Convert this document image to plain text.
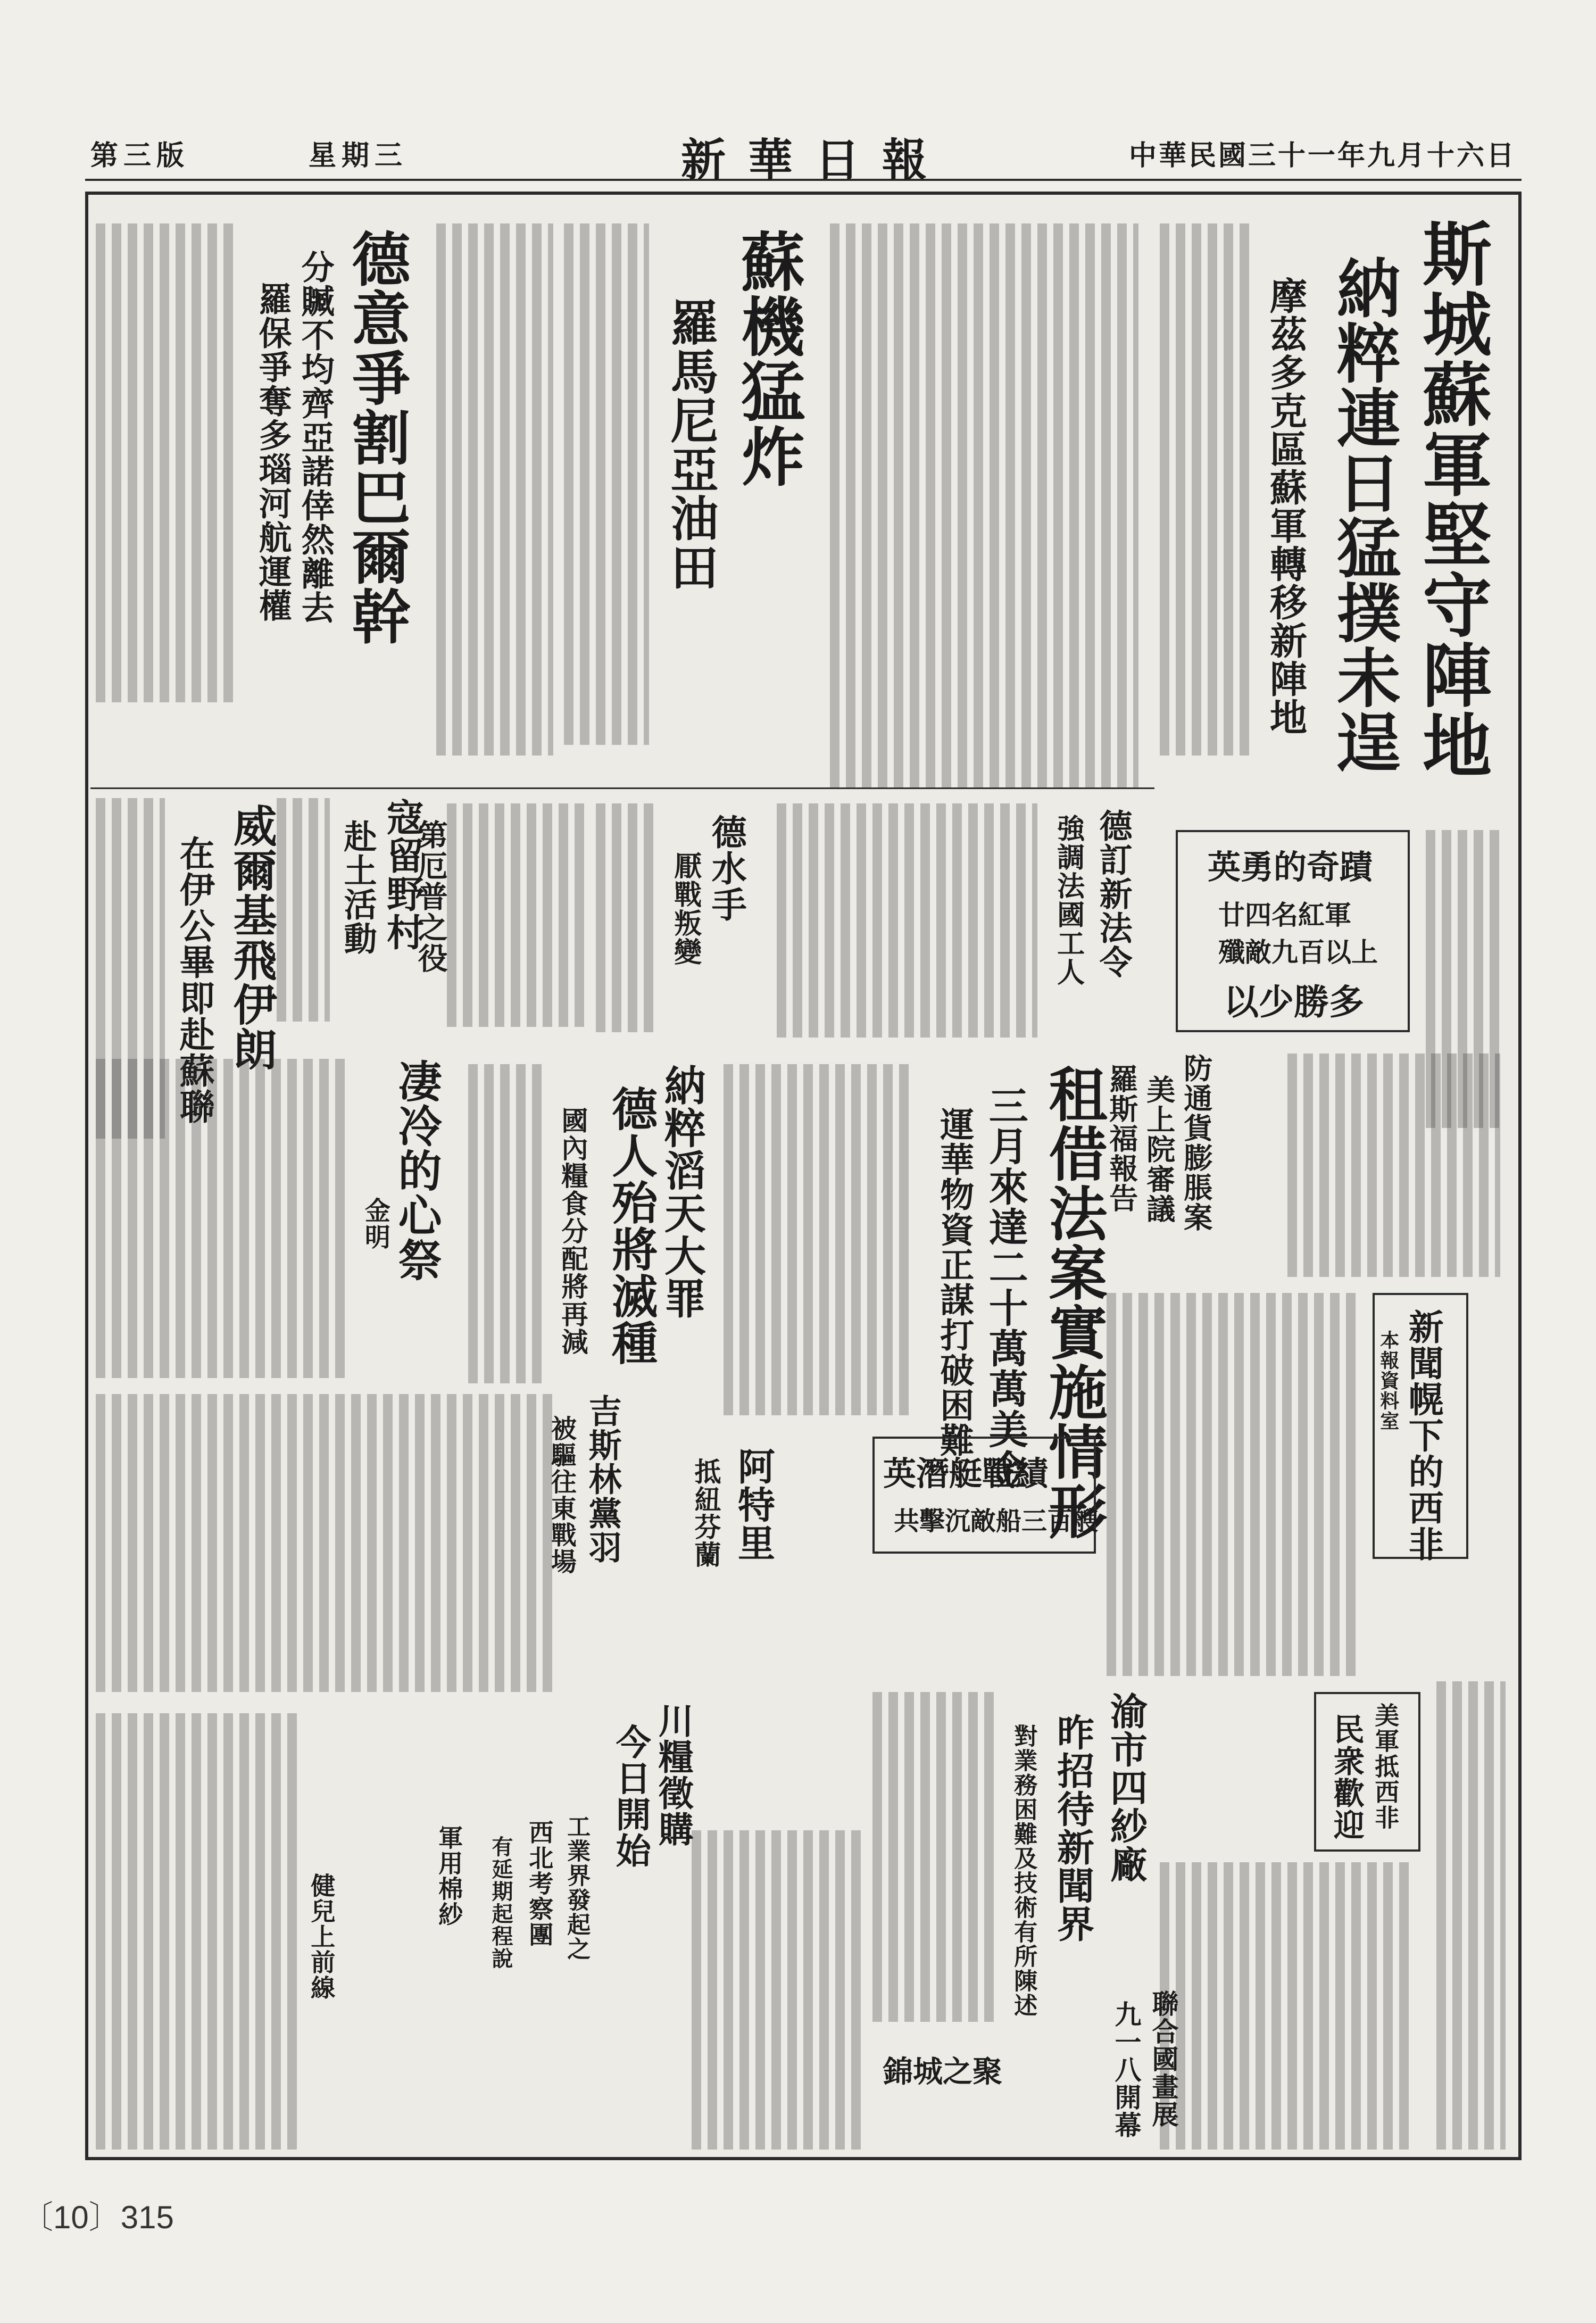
中華民國三十一年九月十六日
新華日報
星期三
第三版
斯城蘇軍堅守陣地
納粹連日猛撲未逞
摩茲多克區蘇軍轉移新陣地
英勇的奇蹟
廿四名紅軍
殲敵九百以上
以少勝多
蘇機猛炸
羅馬尼亞油田
德意爭割巴爾幹
分贓不均齊亞諾倖然離去
羅保爭奪多瑙河航運權
寇留野村
赴土活動
威爾基飛伊朗
在伊公畢即赴蘇聯	德訂新法令
強調法國工人
德水手
厭戰叛變
第厄普之役
防通貨膨脹案
美上院審議
羅斯福報告
租借法案實施情形
三月來達二十萬萬美金
運華物資正謀打破困難
納粹滔天大罪
德人殆將滅種
國內糧食分配將再減
凄冷的心祭
金明
新聞幌下的西非
本報資料室
英潛艇戰績
共擊沉敵船三百艘
阿特里
抵紐芬蘭
吉斯林黨羽
被驅往東戰場
美軍抵西非
民衆歡迎
渝市四紗廠
昨招待新聞界
對業務困難及技術有所陳述
聯合國畫展
九一八開幕
錦城之聚
川糧徵購
今日開始
工業界發起之
西北考察團
有延期起程說
軍用棉紗
健兒上前線
〔10〕315
